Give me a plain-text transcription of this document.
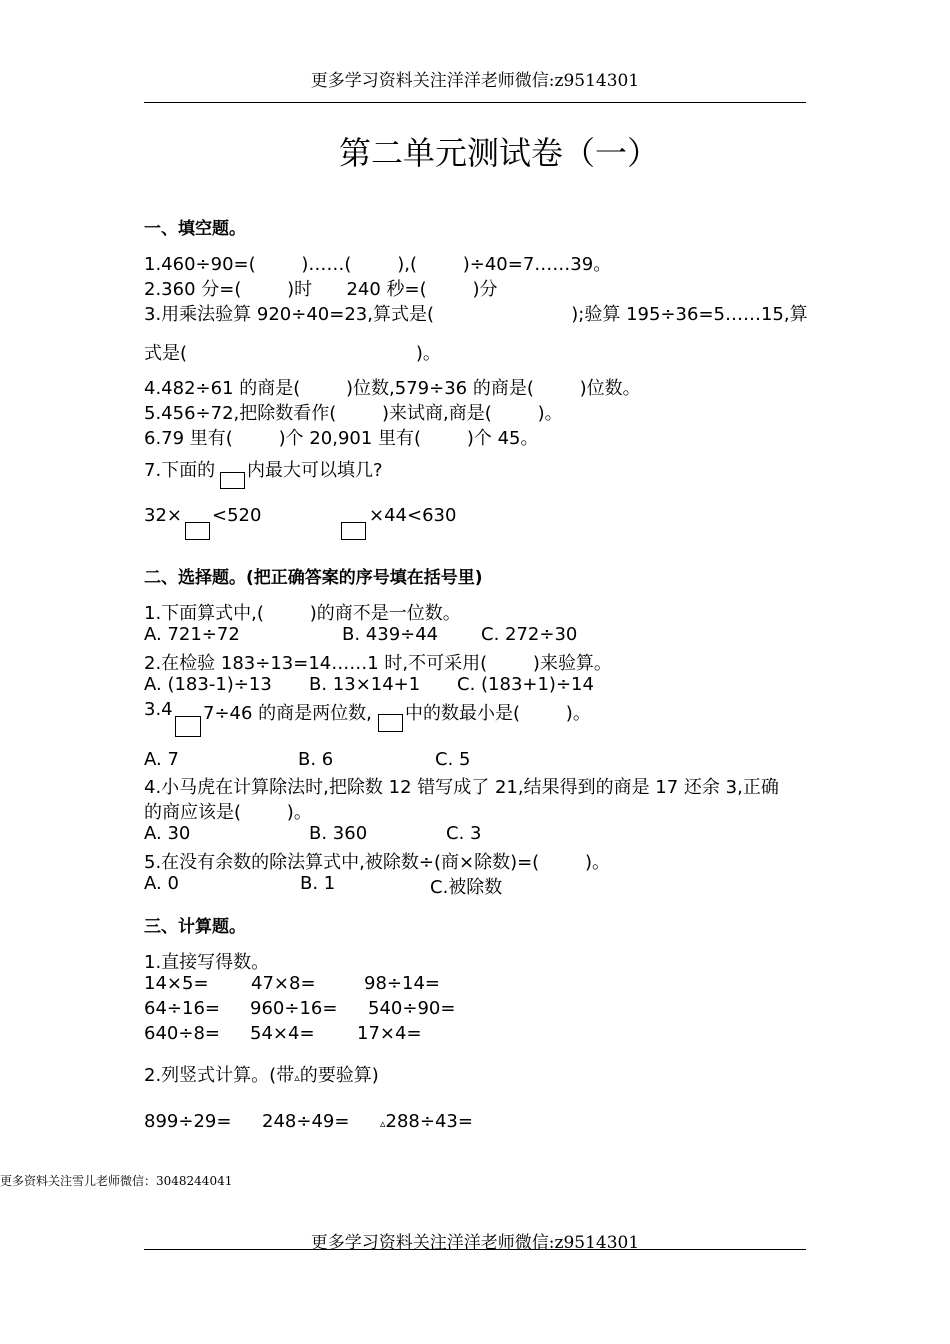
更多学习资料关注洋洋老师微信:z9514301
第二单元测试卷（一）
一、填空题。
1.460÷90=(        )……(        ),(        )÷40=7……39。
2.360 分=(        )时      240 秒=(        )分
3.用乘法验算 920÷40=23,算式是(                        );验算 195÷36=5……15,算
式是(                                        )。
4.482÷61 的商是(        )位数,579÷36 的商是(        )位数。
5.456÷72,把除数看作(        )来试商,商是(        )。
6.79 里有(        )个 20,901 里有(        )个 45。
7.下面的 内最大可以填几?
32× <520	×44<630
二、选择题。(把正确答案的序号填在括号里)
1.下面算式中,(        )的商不是一位数。
A. 721÷72	B. 439÷44 C. 272÷30
2.在检验 183÷13=14……1 时,不可采用(        )来验算。
A. (183-1)÷13 B. 13×14+1 C. (183+1)÷14
3.4 7÷46 的商是两位数, 中的数最小是(        )。
A. 7	B. 6	C. 5
4.小马虎在计算除法时,把除数 12 错写成了 21,结果得到的商是 17 还余 3,正确
的商应该是(        )。
A. 30	B. 360	C. 3
5.在没有余数的除法算式中,被除数÷(商×除数)=(        )。
A. 0	B. 1	C.被除数
三、计算题。
1.直接写得数。
14×5= 47×8=	98÷14=
64÷16= 960÷16= 540÷90=
640÷8= 54×4= 17×4=
2.列竖式计算。(带▵的要验算)
899÷29= 248÷49=	▵288÷43=
更多资料关注雪儿老师微信：3048244041
更多学习资料关注洋洋老师微信:z9514301
